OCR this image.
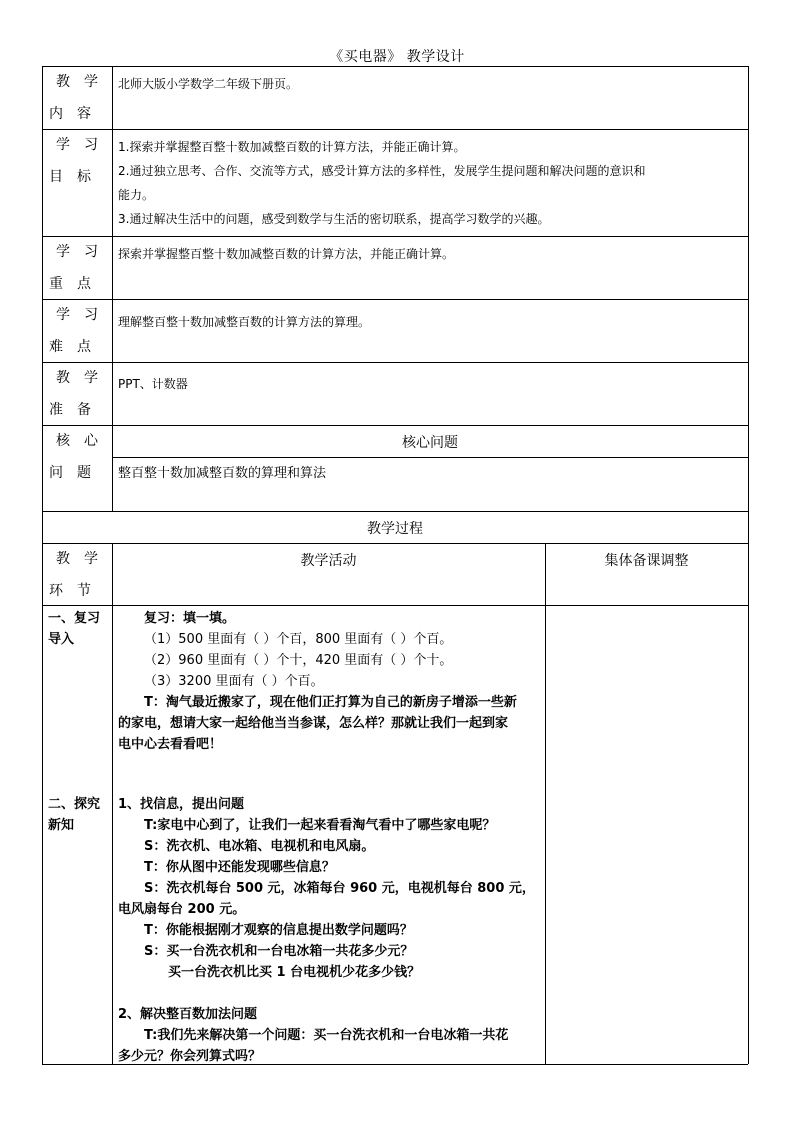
《买电器》 教学设计
教学内容
学习目标
学习重点
学习难点
教学准备
核心问题
北师大版小学数学二年级下册页。
1.探索并掌握整百整十数加减整百数的计算方法，并能正确计算。
2.通过独立思考、合作、交流等方式，感受计算方法的多样性，发展学生提问题和解决问题的意识和
能力。
3.通过解决生活中的问题，感受到数学与生活的密切联系，提高学习数学的兴趣。
探索并掌握整百整十数加减整百数的计算方法，并能正确计算。
理解整百整十数加减整百数的计算方法的算理。
PPT、计数器
核心问题
整百整十数加减整百数的算理和算法
教学过程
教学环节
教学活动	集体备课调整
一、复习导入
二、探究新知
复习：填一填。
（1）500 里面有（ ）个百，800 里面有（ ）个百。
（2）960 里面有（ ）个十，420 里面有（ ）个十。
（3）3200 里面有（ ）个百。
T：淘气最近搬家了，现在他们正打算为自己的新房子增添一些新
的家电，想请大家一起给他当当参谋，怎么样？那就让我们一起到家
电中心去看看吧！
1、找信息，提出问题
T:家电中心到了，让我们一起来看看淘气看中了哪些家电呢？
S：洗衣机、电冰箱、电视机和电风扇。
T：你从图中还能发现哪些信息？
S：洗衣机每台 500 元，冰箱每台 960 元，电视机每台 800 元，
电风扇每台 200 元。
T：你能根据刚才观察的信息提出数学问题吗？
S：买一台洗衣机和一台电冰箱一共花多少元？
买一台洗衣机比买 1 台电视机少花多少钱？
2、解决整百数加法问题
T:我们先来解决第一个问题：买一台洗衣机和一台电冰箱一共花
多少元？你会列算式吗？
